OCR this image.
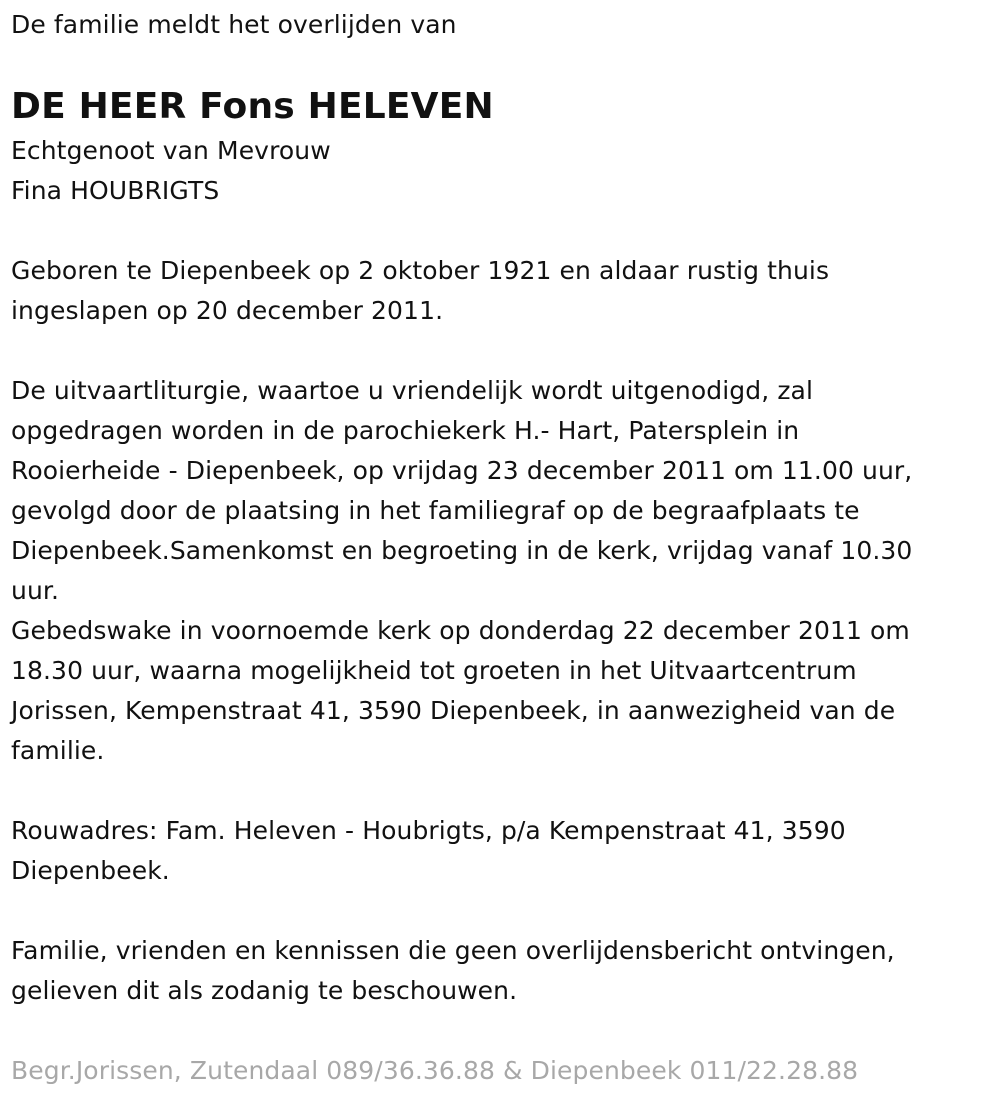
De familie meldt het overlijden van
DE HEER Fons HELEVEN
Echtgenoot van Mevrouw
Fina HOUBRIGTS
Geboren te Diepenbeek op 2 oktober 1921 en aldaar rustig thuis
ingeslapen op 20 december 2011.
De uitvaartliturgie, waartoe u vriendelijk wordt uitgenodigd, zal
opgedragen worden in de parochiekerk H.- Hart, Patersplein in
Rooierheide - Diepenbeek, op vrijdag 23 december 2011 om 11.00 uur,
gevolgd door de plaatsing in het familiegraf op de begraafplaats te
Diepenbeek.Samenkomst en begroeting in de kerk, vrijdag vanaf 10.30
uur.
Gebedswake in voornoemde kerk op donderdag 22 december 2011 om
18.30 uur, waarna mogelijkheid tot groeten in het Uitvaartcentrum
Jorissen, Kempenstraat 41, 3590 Diepenbeek, in aanwezigheid van de
familie.
Rouwadres: Fam. Heleven - Houbrigts, p/a Kempenstraat 41, 3590
Diepenbeek.
Familie, vrienden en kennissen die geen overlijdensbericht ontvingen,
gelieven dit als zodanig te beschouwen.
Begr.Jorissen, Zutendaal 089/36.36.88 & Diepenbeek 011/22.28.88
